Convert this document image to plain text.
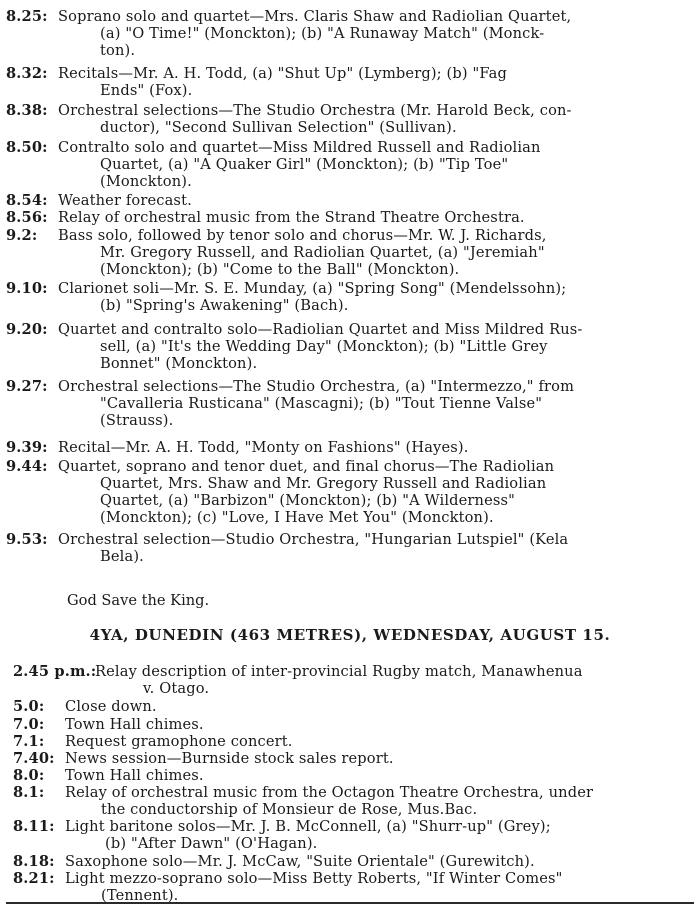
8.25: Soprano solo and quartet—Mrs. Claris Shaw and Radiolian Quartet,
(a) "O Time!" (Monckton); (b) "A Runaway Match" (Monck-
ton).
8.32: Recitals—Mr. A. H. Todd, (a) "Shut Up" (Lymberg); (b) "Fag
Ends" (Fox).
8.38: Orchestral selections—The Studio Orchestra (Mr. Harold Beck, con-
ductor), "Second Sullivan Selection" (Sullivan).
8.50: Contralto solo and quartet—Miss Mildred Russell and Radiolian
Quartet, (a) "A Quaker Girl" (Monckton); (b) "Tip Toe"
(Monckton).
8.54: Weather forecast.
8.56: Relay of orchestral music from the Strand Theatre Orchestra.
9.2: Bass solo, followed by tenor solo and chorus—Mr. W. J. Richards,
Mr. Gregory Russell, and Radiolian Quartet, (a) "Jeremiah"
(Monckton); (b) "Come to the Ball" (Monckton).
9.10: Clarionet soli—Mr. S. E. Munday, (a) "Spring Song" (Mendelssohn);
(b) "Spring's Awakening" (Bach).
9.20: Quartet and contralto solo—Radiolian Quartet and Miss Mildred Rus-
sell, (a) "It's the Wedding Day" (Monckton); (b) "Little Grey
Bonnet" (Monckton).
9.27: Orchestral selections—The Studio Orchestra, (a) "Intermezzo," from
"Cavalleria Rusticana" (Mascagni); (b) "Tout Tienne Valse"
(Strauss).
9.39: Recital—Mr. A. H. Todd, "Monty on Fashions" (Hayes).
9.44: Quartet, soprano and tenor duet, and final chorus—The Radiolian
Quartet, Mrs. Shaw and Mr. Gregory Russell and Radiolian
Quartet, (a) "Barbizon" (Monckton); (b) "A Wilderness"
(Monckton); (c) "Love, I Have Met You" (Monckton).
9.53: Orchestral selection—Studio Orchestra, "Hungarian Lutspiel" (Kela
Bela).
God Save the King.
4YA, DUNEDIN (463 METRES), WEDNESDAY, AUGUST 15.
2.45 p.m.:
Relay description of inter-provincial Rugby match, Manawhenua
v. Otago.
5.0: Close down.
7.0: Town Hall chimes.
7.1: Request gramophone concert.
7.40: News session—Burnside stock sales report.
8.0: Town Hall chimes.
8.1: Relay of orchestral music from the Octagon Theatre Orchestra, under
the conductorship of Monsieur de Rose, Mus.Bac.
8.11: Light baritone solos—Mr. J. B. McConnell, (a) "Shurr-up" (Grey);
(b) "After Dawn" (O'Hagan).
8.18: Saxophone solo—Mr. J. McCaw, "Suite Orientale" (Gurewitch).
8.21: Light mezzo-soprano solo—Miss Betty Roberts, "If Winter Comes"
(Tennent).
